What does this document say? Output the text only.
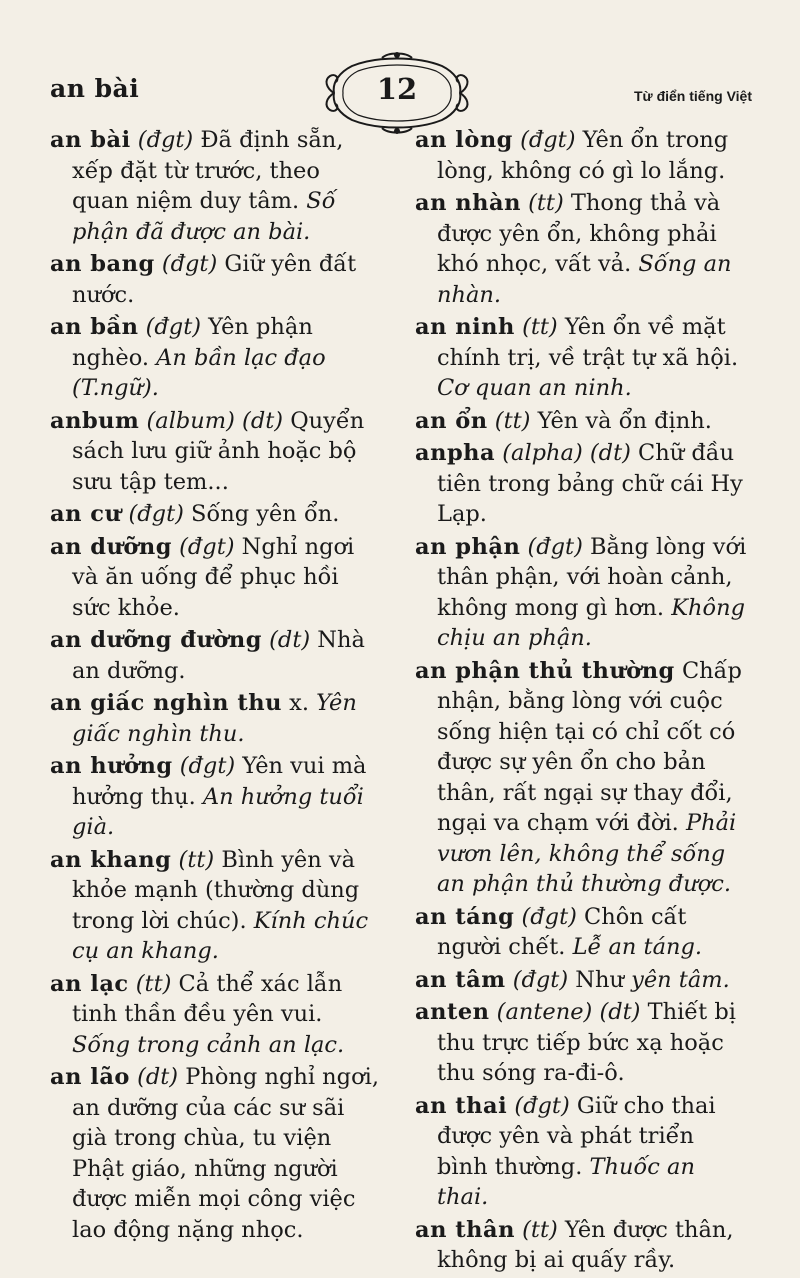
an bài	12	Từ điển tiếng Việt

an bài (đgt) Đã định sẵn, xếp đặt từ trước, theo quan niệm duy tâm. Số phận đã được an bài.

an bang (đgt) Giữ yên đất nước.

an bần (đgt) Yên phận nghèo. An bần lạc đạo (T.ngữ).

anbum (album) (dt) Quyển sách lưu giữ ảnh hoặc bộ sưu tập tem...

an cư (đgt) Sống yên ổn.

an dưỡng (đgt) Nghỉ ngơi và ăn uống để phục hồi sức khỏe.

an dưỡng đường (dt) Nhà an dưỡng.

an giấc nghìn thu x. Yên giấc nghìn thu.

an hưởng (đgt) Yên vui mà hưởng thụ. An hưởng tuổi già.

an khang (tt) Bình yên và khỏe mạnh (thường dùng trong lời chúc). Kính chúc cụ an khang.

an lạc (tt) Cả thể xác lẫn tinh thần đều yên vui. Sống trong cảnh an lạc.

an lão (dt) Phòng nghỉ ngơi, an dưỡng của các sư sãi già trong chùa, tu viện Phật giáo, những người được miễn mọi công việc lao động nặng nhọc.

an lòng (đgt) Yên ổn trong lòng, không có gì lo lắng.

an nhàn (tt) Thong thả và được yên ổn, không phải khó nhọc, vất vả. Sống an nhàn.

an ninh (tt) Yên ổn về mặt chính trị, về trật tự xã hội. Cơ quan an ninh.

an ổn (tt) Yên và ổn định.

anpha (alpha) (dt) Chữ đầu tiên trong bảng chữ cái Hy Lạp.

an phận (đgt) Bằng lòng với thân phận, với hoàn cảnh, không mong gì hơn. Không chịu an phận.

an phận thủ thường Chấp nhận, bằng lòng với cuộc sống hiện tại có chỉ cốt có được sự yên ổn cho bản thân, rất ngại sự thay đổi, ngại va chạm với đời. Phải vươn lên, không thể sống an phận thủ thường được.

an táng (đgt) Chôn cất người chết. Lễ an táng.

an tâm (đgt) Như yên tâm.

anten (antene) (dt) Thiết bị thu trực tiếp bức xạ hoặc thu sóng ra-đi-ô.

an thai (đgt) Giữ cho thai được yên và phát triển bình thường. Thuốc an thai.

an thân (tt) Yên được thân, không bị ai quấy rầy.
